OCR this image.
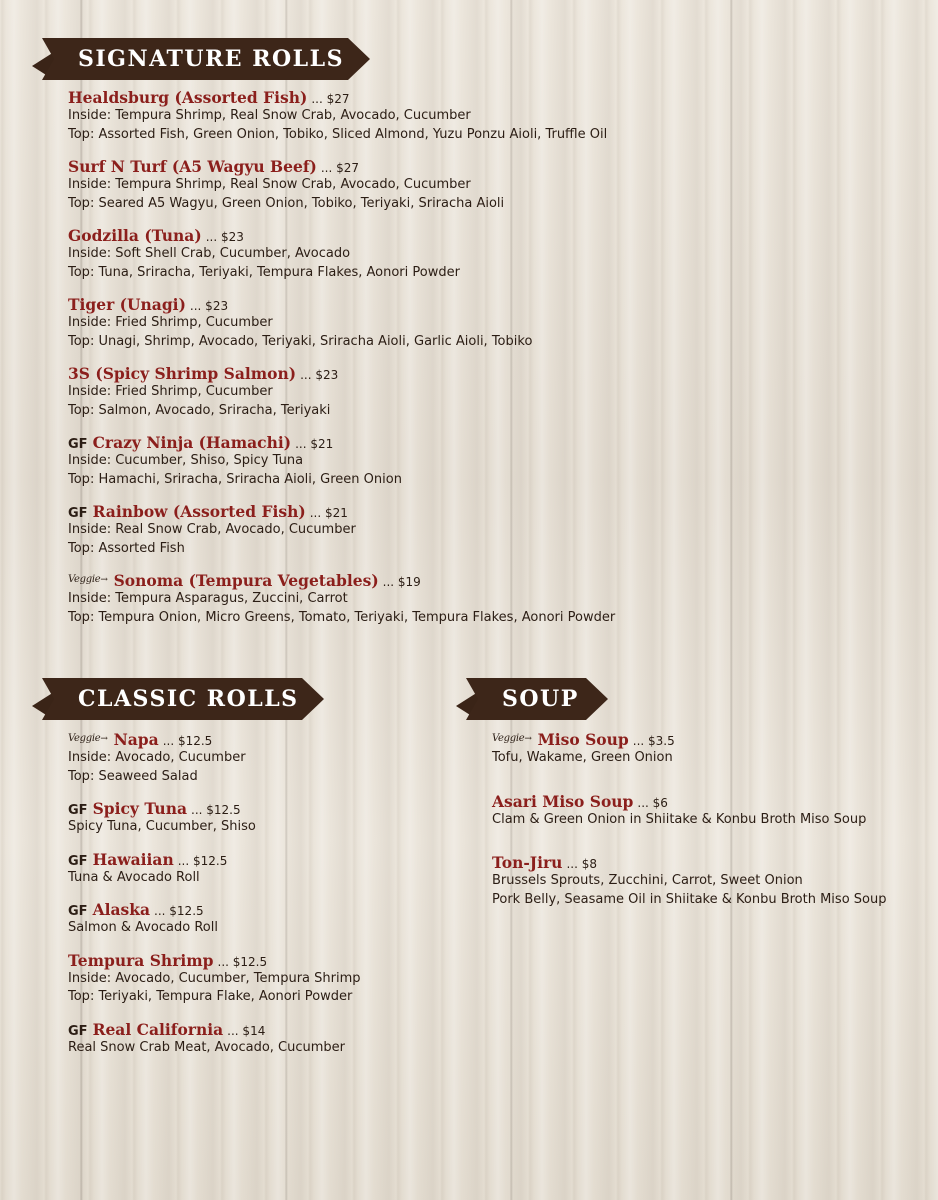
SIGNATURE ROLLS
Healdsburg (Assorted Fish) ... $27
Inside: Tempura Shrimp, Real Snow Crab, Avocado, Cucumber
Top: Assorted Fish, Green Onion, Tobiko, Sliced Almond, Yuzu Ponzu Aioli, Truffle Oil
Surf N Turf (A5 Wagyu Beef) ... $27
Inside: Tempura Shrimp, Real Snow Crab, Avocado, Cucumber
Top: Seared A5 Wagyu, Green Onion, Tobiko, Teriyaki, Sriracha Aioli
Godzilla (Tuna) ... $23
Inside: Soft Shell Crab, Cucumber, Avocado
Top: Tuna, Sriracha, Teriyaki, Tempura Flakes, Aonori Powder
Tiger (Unagi) ... $23
Inside: Fried Shrimp, Cucumber
Top: Unagi, Shrimp, Avocado, Teriyaki, Sriracha Aioli, Garlic Aioli, Tobiko
3S (Spicy Shrimp Salmon) ... $23
Inside: Fried Shrimp, Cucumber
Top: Salmon, Avocado, Sriracha, Teriyaki
GF Crazy Ninja (Hamachi) ... $21
Inside: Cucumber, Shiso, Spicy Tuna
Top: Hamachi, Sriracha, Sriracha Aioli, Green Onion
GF Rainbow (Assorted Fish) ... $21
Inside: Real Snow Crab, Avocado, Cucumber
Top: Assorted Fish
Veggie → Sonoma (Tempura Vegetables) ... $19
Inside: Tempura Asparagus, Zuccini, Carrot
Top: Tempura Onion, Micro Greens, Tomato, Teriyaki, Tempura Flakes, Aonori Powder
CLASSIC ROLLS
Veggie → Napa ... $12.5
Inside: Avocado, Cucumber
Top: Seaweed Salad
GF Spicy Tuna ... $12.5
Spicy Tuna, Cucumber, Shiso
GF Hawaiian ... $12.5
Tuna & Avocado Roll
GF Alaska ... $12.5
Salmon & Avocado Roll
Tempura Shrimp ... $12.5
Inside: Avocado, Cucumber, Tempura Shrimp
Top: Teriyaki, Tempura Flake, Aonori Powder
GF Real California ... $14
Real Snow Crab Meat, Avocado, Cucumber
SOUP
Veggie → Miso Soup ... $3.5
Tofu, Wakame, Green Onion
Asari Miso Soup ... $6
Clam & Green Onion in Shiitake & Konbu Broth Miso Soup
Ton-Jiru ... $8
Brussels Sprouts, Zucchini, Carrot, Sweet Onion
Pork Belly, Seasame Oil in Shiitake & Konbu Broth Miso Soup
